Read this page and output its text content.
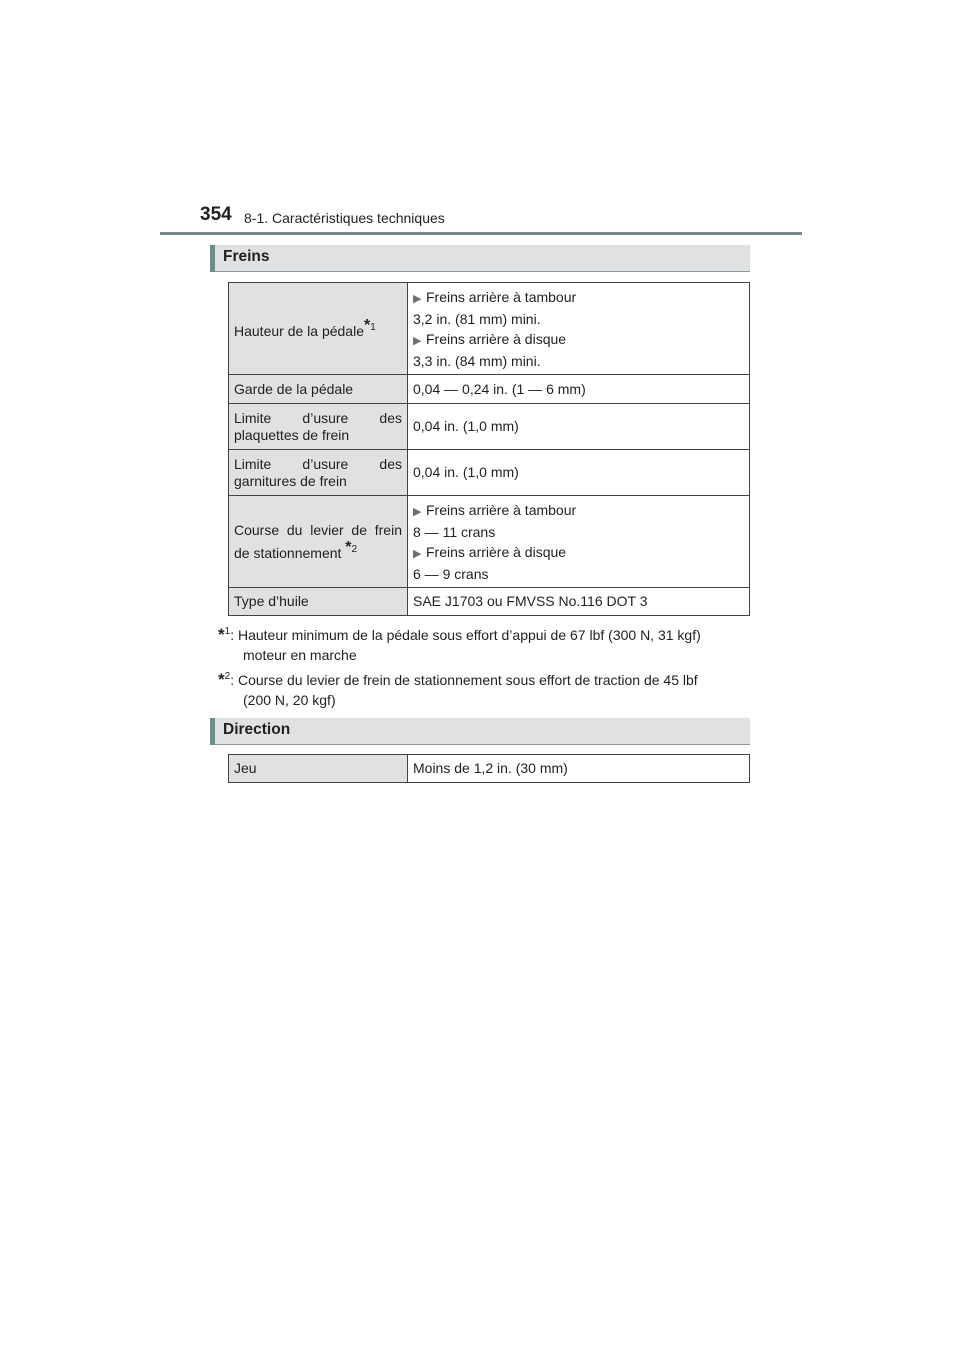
354 8-1. Caractéristiques techniques
Freins
Hauteur de la pédale$^{*1}$	▶ Freins arrière à tambour

3,2 in. (81 mm) mini.

▶ Freins arrière à disque

3,3 in. (84 mm) mini.

Garde de la pédale	0,04 — 0,24 in. (1 — 6 mm)
Limite d’usure des plaquettes de frein	0,04 in. (1,0 mm)
Limite d’usure des garnitures de frein	0,04 in. (1,0 mm)
Course du levier de frein de stationnement $^{*2}$	▶ Freins arrière à tambour

8 — 11 crans

▶ Freins arrière à disque

6 — 9 crans

Type d’huile	SAE J1703 ou FMVSS No.116 DOT 3
*$^1$: Hauteur minimum de la pédale sous effort d’appui de 67 lbf (300 N, 31 kgf)
moteur en marche
*$^2$: Course du levier de frein de stationnement sous effort de traction de 45 lbf
(200 N, 20 kgf)
Direction
Jeu	Moins de 1,2 in. (30 mm)
